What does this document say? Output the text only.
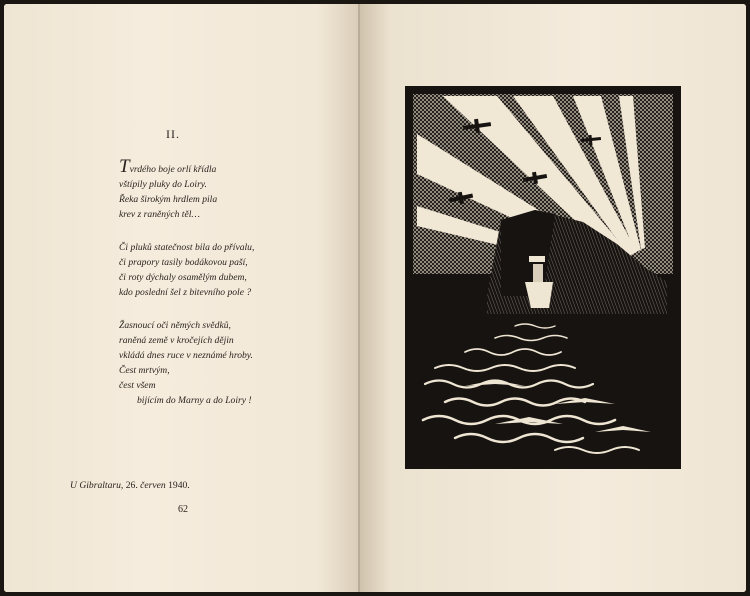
II.
Tvrdého boje orlí křídla
vštípily pluky do Loiry.
Řeka širokým hrdlem pila
krev z raněných těl…
Či pluků statečnost bila do přívalu,
či prapory tasily bodákovou paší,
či roty dýchaly osamělým dubem,
kdo poslední šel z bitevního pole ?
Žasnoucí oči němých svědků,
raněná země v kročejích dějin
vkládá dnes ruce v neznámé hroby.
Čest mrtvým,
čest všem
bijícím do Marny a do Loiry !
U Gibraltaru, 26. červen 1940.
62
